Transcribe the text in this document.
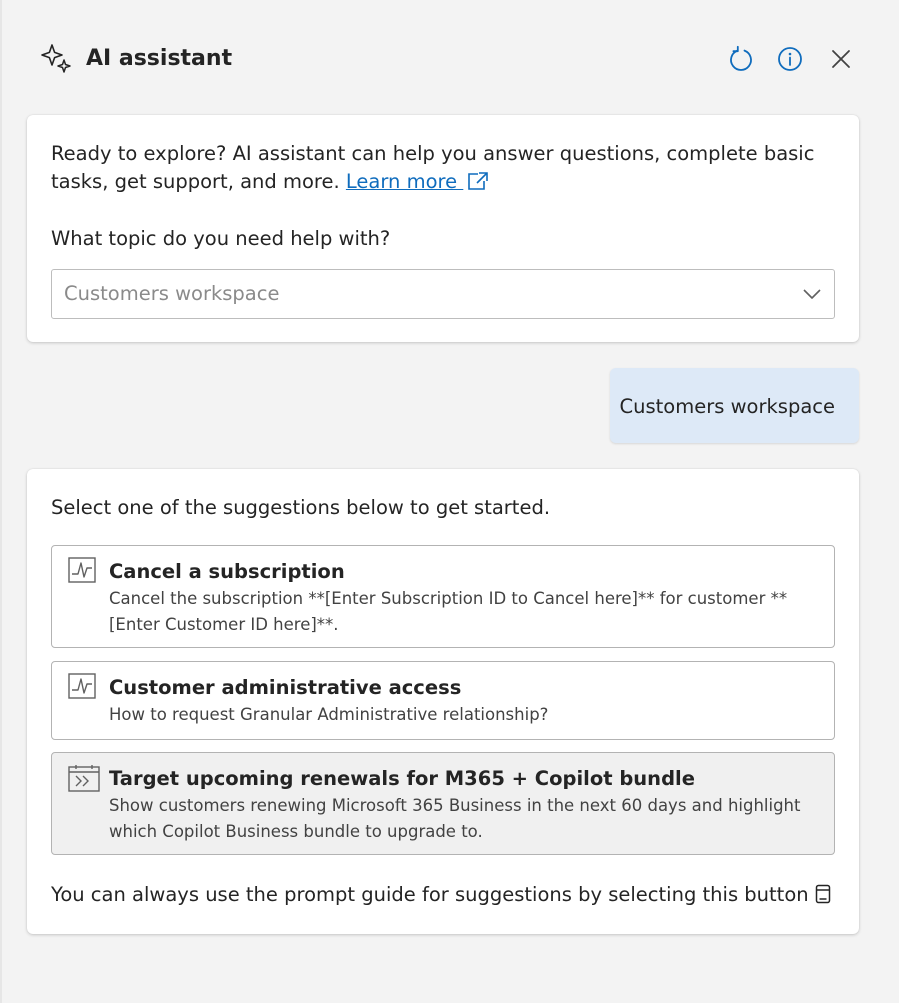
AI assistant
Ready to explore? AI assistant can help you answer questions, complete basic tasks, get support, and more. Learn more
What topic do you need help with?
Customers workspace
Customers workspace
Select one of the suggestions below to get started.
Cancel a subscription
Cancel the subscription **[Enter Subscription ID to Cancel here]** for customer **[Enter Customer ID here]**.
Customer administrative access
How to request Granular Administrative relationship?
Target upcoming renewals for M365 + Copilot bundle
Show customers renewing Microsoft 365 Business in the next 60 days and highlight which Copilot Business bundle to upgrade to.
You can always use the prompt guide for suggestions by selecting this button
